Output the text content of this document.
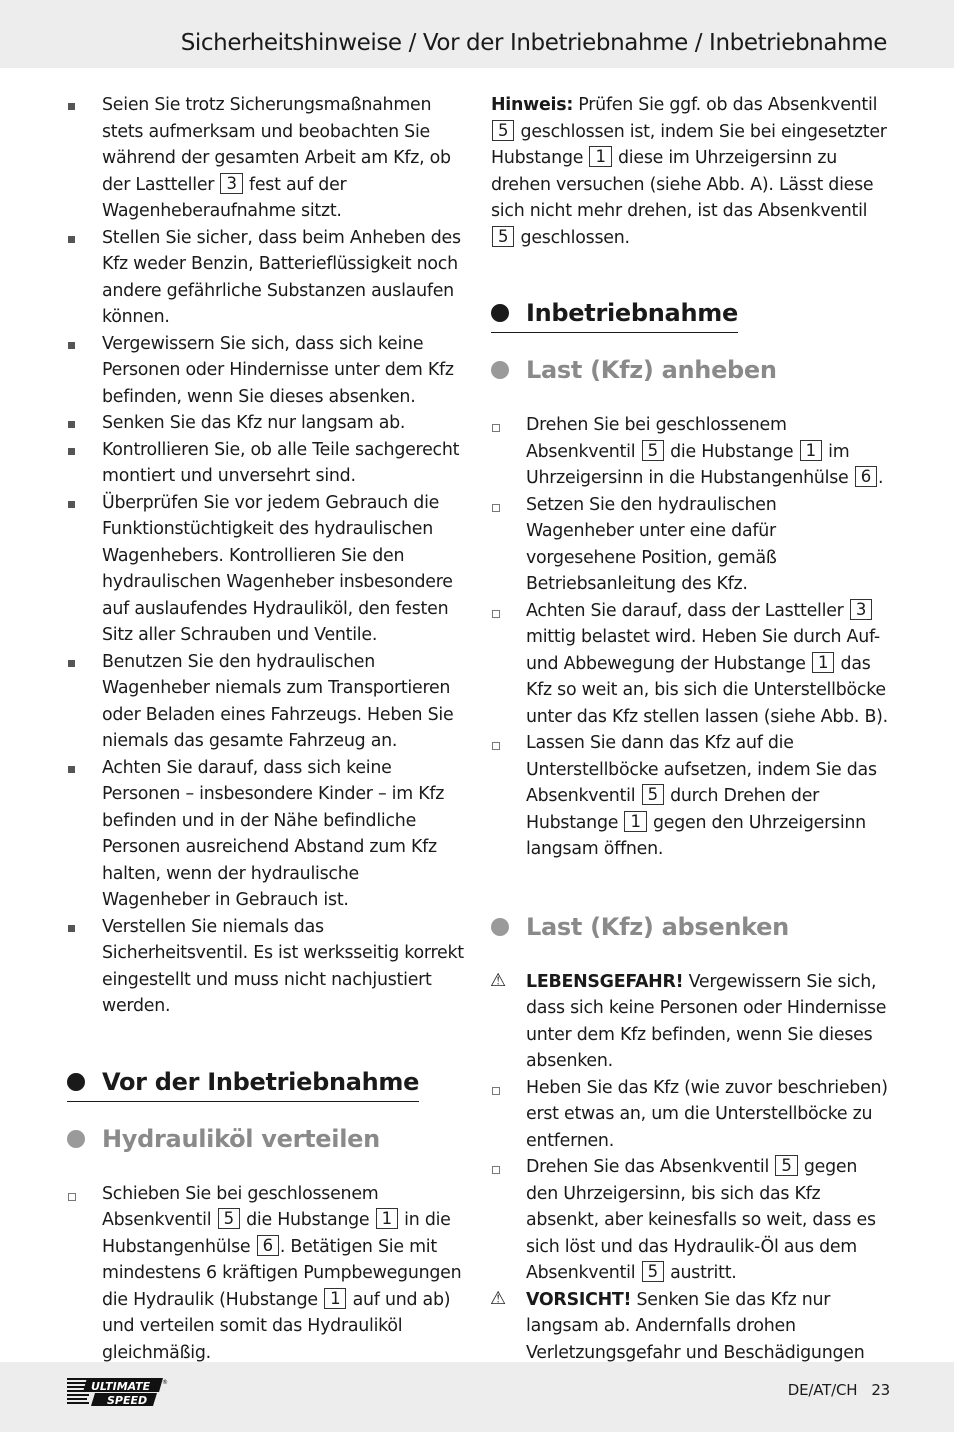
Sicherheitshinweise / Vor der Inbetriebnahme / Inbetriebnahme
Seien Sie trotz Sicherungsmaßnahmen stets aufmerksam und beobachten Sie während der gesamten Arbeit am Kfz, ob der Lastteller 3 fest auf der Wagenheberaufnahme sitzt.
Stellen Sie sicher, dass beim Anheben des Kfz weder Benzin, Batterieflüssigkeit noch andere gefährliche Substanzen auslaufen können.
Vergewissern Sie sich, dass sich keine Personen oder Hindernisse unter dem Kfz befinden, wenn Sie dieses absenken.
Senken Sie das Kfz nur langsam ab.
Kontrollieren Sie, ob alle Teile sachgerecht montiert und unversehrt sind.
Überprüfen Sie vor jedem Gebrauch die Funktionstüchtigkeit des hydraulischen Wagenhebers. Kontrollieren Sie den hydraulischen Wagenheber insbesondere auf auslaufendes Hydrauliköl, den festen Sitz aller Schrauben und Ventile.
Benutzen Sie den hydraulischen Wagenheber niemals zum Transportieren oder Beladen eines Fahrzeugs. Heben Sie niemals das gesamte Fahrzeug an.
Achten Sie darauf, dass sich keine Personen – insbesondere Kinder – im Kfz befinden und in der Nähe befindliche Personen ausreichend Abstand zum Kfz halten, wenn der hydraulische Wagenheber in Gebrauch ist.
Verstellen Sie niemals das Sicherheitsventil. Es ist werksseitig korrekt eingestellt und muss nicht nachjustiert werden.
Vor der Inbetriebnahme
Hydrauliköl verteilen
Schieben Sie bei geschlossenem Absenkventil 5 die Hubstange 1 in die Hubstangenhülse 6 . Betätigen Sie mit mindestens 6 kräftigen Pumpbewegungen die Hydraulik (Hubstange 1 auf und ab) und verteilen somit das Hydrauliköl gleichmäßig.

Hinweis: Prüfen Sie ggf. ob das Absenkventil 5 geschlossen ist, indem Sie bei eingesetzter Hubstange 1 diese im Uhrzeigersinn zu drehen versuchen (siehe Abb. A). Lässt diese sich nicht mehr drehen, ist das Absenkventil 5 geschlossen.

Inbetriebnahme
Last (Kfz) anheben
Drehen Sie bei geschlossenem Absenkventil 5 die Hubstange 1 im Uhrzeigersinn in die Hubstangenhülse 6 .
Setzen Sie den hydraulischen Wagenheber unter eine dafür vorgesehene Position, gemäß Betriebsanleitung des Kfz.
Achten Sie darauf, dass der Lastteller 3 mittig belastet wird. Heben Sie durch Auf- und Abbewegung der Hubstange 1 das Kfz so weit an, bis sich die Unterstellböcke unter das Kfz stellen lassen (siehe Abb. B).
Lassen Sie dann das Kfz auf die Unterstellböcke aufsetzen, indem Sie das Absenkventil 5 durch Drehen der Hubstange 1 gegen den Uhrzeigersinn langsam öffnen.
Last (Kfz) absenken
⚠ LEBENSGEFAHR! Vergewissern Sie sich, dass sich keine Personen oder Hindernisse unter dem Kfz befinden, wenn Sie dieses absenken.
Heben Sie das Kfz (wie zuvor beschrieben) erst etwas an, um die Unterstellböcke zu entfernen.
Drehen Sie das Absenkventil 5 gegen den Uhrzeigersinn, bis sich das Kfz absenkt, aber keinesfalls so weit, dass es sich löst und das Hydraulik-Öl aus dem Absenkventil 5 austritt.
⚠ VORSICHT! Senken Sie das Kfz nur langsam ab. Andernfalls drohen Verletzungsgefahr und Beschädigungen
ULTIMATE
SPEED
®	DE/AT/CH 23
